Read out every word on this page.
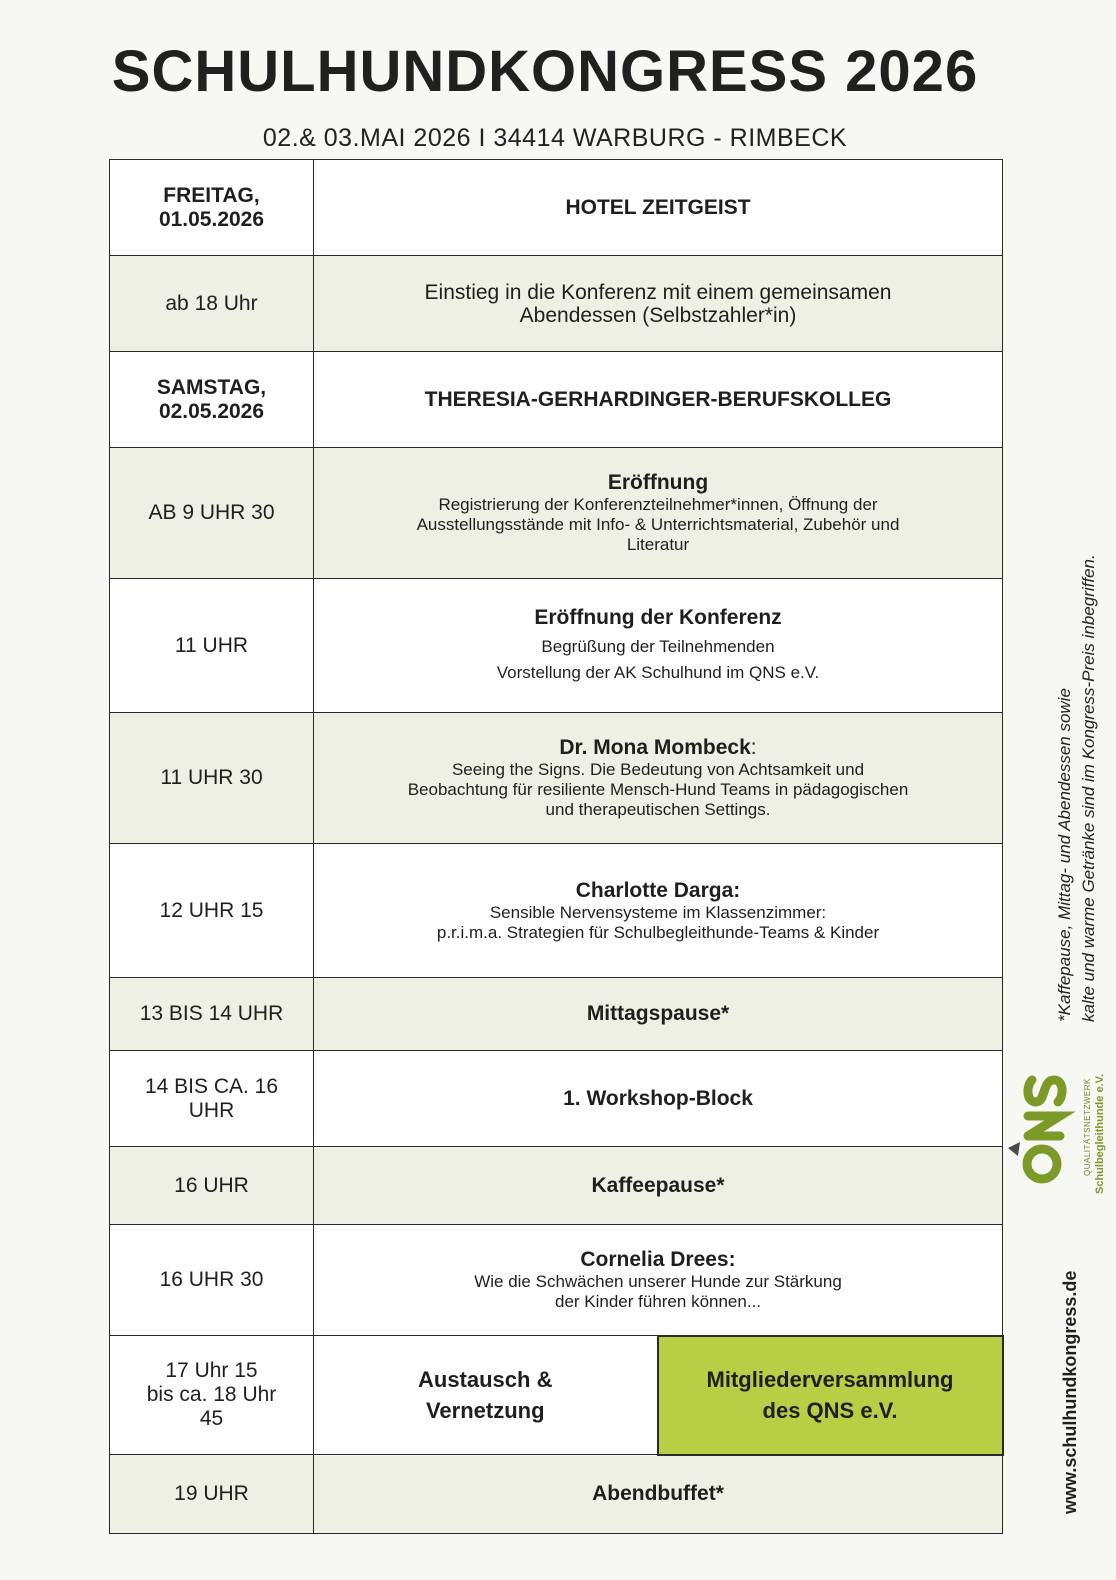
SCHULHUNDKONGRESS 2026
02.& 03.MAI 2026 I 34414 WARBURG - RIMBECK
FREITAG,
01.05.2026	HOTEL ZEITGEIST	
ab 18 Uhr	Einstieg in die Konferenz mit einem gemeinsamen
Abendessen (Selbstzahler*in)	
SAMSTAG,
02.05.2026	THERESIA-GERHARDINGER-BERUFSKOLLEG	
AB 9 UHR 30	Eröffnung
Registrierung der Konferenzteilnehmer*innen, Öffnung der
Ausstellungsstände mit Info- & Unterrichtsmaterial, Zubehör und
Literatur	

11 UHR	Eröffnung der Konferenz
Begrüßung der Teilnehmenden
Vorstellung der AK Schulhund im QNS e.V.	

11 UHR 30	Dr. Mona Mombeck:
Seeing the Signs. Die Bedeutung von Achtsamkeit und
Beobachtung für resiliente Mensch-Hund Teams in pädagogischen
und therapeutischen Settings.	

12 UHR 15	Charlotte Darga:
Sensible Nervensysteme im Klassenzimmer:
p.r.i.m.a. Strategien für Schulbegleithunde-Teams & Kinder	

13 BIS 14 UHR	Mittagspause*	
14 BIS CA. 16
UHR	1. Workshop-Block	
16 UHR	Kaffeepause*	
16 UHR 30	Cornelia Drees:
Wie die Schwächen unserer Hunde zur Stärkung
der Kinder führen können...	

17 Uhr 15
bis ca. 18 Uhr
45	Austausch &
Vernetzung	Mitgliederversammlung
des QNS e.V.
19 UHR	Abendbuffet*	
*Kaffepause, Mittag- und Abendessen sowie kalte und warme Getränke sind im Kongress-Preis inbegriffen.
QUALITÄTSNETZWERK Schulbegleithunde e.V.
www.schulhundkongress.de
